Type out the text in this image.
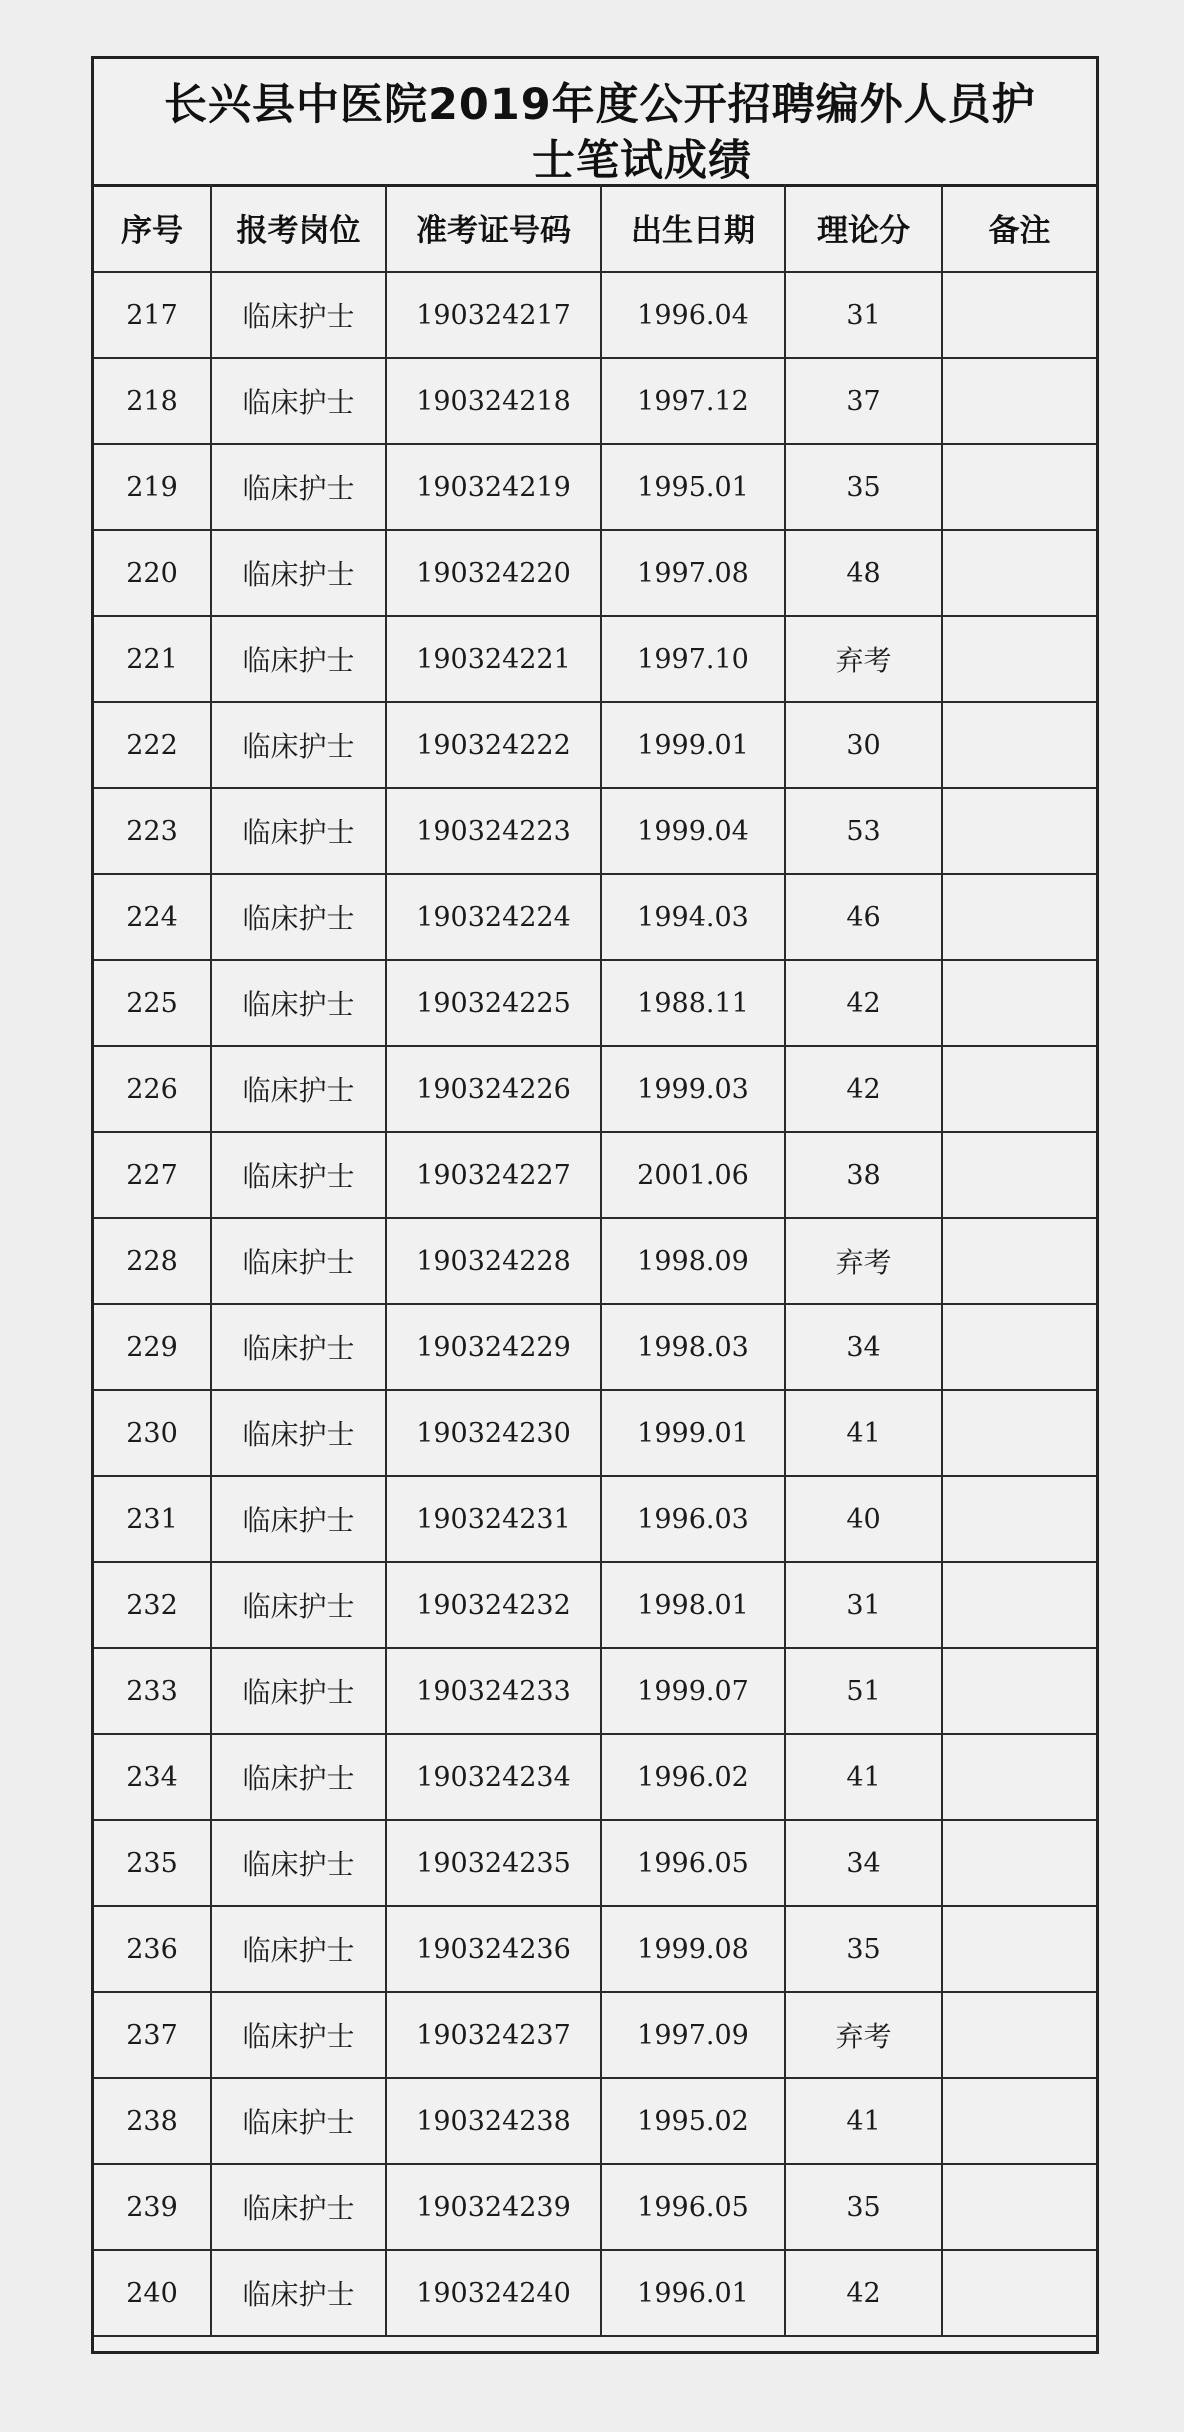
长兴县中医院2019年度公开招聘编外人员护
士笔试成绩
序号	报考岗位	准考证号码	出生日期	理论分	备注
217	临床护士	190324217	1996.04	31	
218	临床护士	190324218	1997.12	37	
219	临床护士	190324219	1995.01	35	
220	临床护士	190324220	1997.08	48	
221	临床护士	190324221	1997.10	弃考	
222	临床护士	190324222	1999.01	30	
223	临床护士	190324223	1999.04	53	
224	临床护士	190324224	1994.03	46	
225	临床护士	190324225	1988.11	42	
226	临床护士	190324226	1999.03	42	
227	临床护士	190324227	2001.06	38	
228	临床护士	190324228	1998.09	弃考	
229	临床护士	190324229	1998.03	34	
230	临床护士	190324230	1999.01	41	
231	临床护士	190324231	1996.03	40	
232	临床护士	190324232	1998.01	31	
233	临床护士	190324233	1999.07	51	
234	临床护士	190324234	1996.02	41	
235	临床护士	190324235	1996.05	34	
236	临床护士	190324236	1999.08	35	
237	临床护士	190324237	1997.09	弃考	
238	临床护士	190324238	1995.02	41	
239	临床护士	190324239	1996.05	35	
240	临床护士	190324240	1996.01	42	
